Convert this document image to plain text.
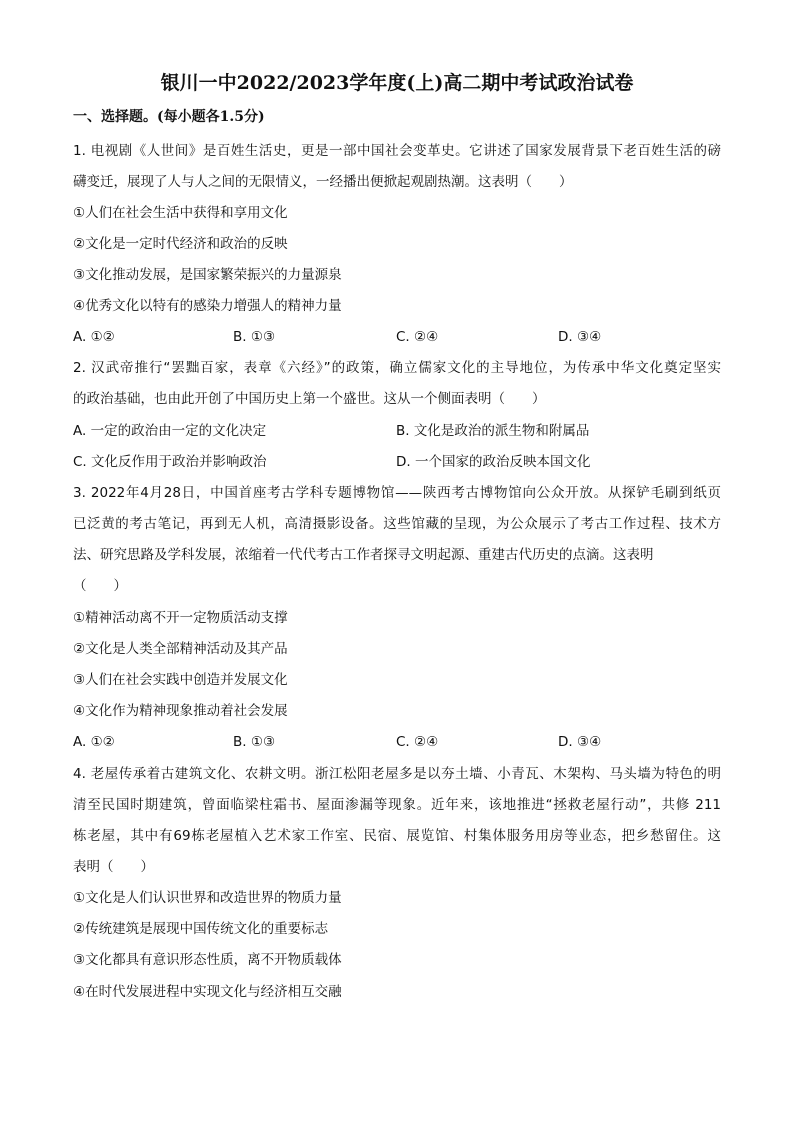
银川一中2022/2023学年度(上)高二期中考试政治试卷
一、选择题。(每小题各1.5分)
1. 电视剧《人世间》是百姓生活史，更是一部中国社会变革史。它讲述了国家发展背景下老百姓生活的磅
礴变迁，展现了人与人之间的无限情义，一经播出便掀起观剧热潮。这表明（　　）
①人们在社会生活中获得和享用文化
②文化是一定时代经济和政治的反映
③文化推动发展，是国家繁荣振兴的力量源泉
④优秀文化以特有的感染力增强人的精神力量
A. ①②	B. ①③	C. ②④	D. ③④
2. 汉武帝推行“罢黜百家，表章《六经》”的政策，确立儒家文化的主导地位，为传承中华文化奠定坚实
的政治基础，也由此开创了中国历史上第一个盛世。这从一个侧面表明（　　）
A. 一定的政治由一定的文化决定	B. 文化是政治的派生物和附属品
C. 文化反作用于政治并影响政治	D. 一个国家的政治反映本国文化
3. 2022年4月28日，中国首座考古学科专题博物馆——陕西考古博物馆向公众开放。从探铲毛刷到纸页
已泛黄的考古笔记，再到无人机，高清摄影设备。这些馆藏的呈现，为公众展示了考古工作过程、技术方
法、研究思路及学科发展，浓缩着一代代考古工作者探寻文明起源、重建古代历史的点滴。这表明
（　　）
①精神活动离不开一定物质活动支撑
②文化是人类全部精神活动及其产品
③人们在社会实践中创造并发展文化
④文化作为精神现象推动着社会发展
A. ①②	B. ①③	C. ②④	D. ③④
4. 老屋传承着古建筑文化、农耕文明。浙江松阳老屋多是以夯土墙、小青瓦、木架构、马头墙为特色的明
清至民国时期建筑，曾面临梁柱霜书、屋面渗漏等现象。近年来，该地推进“拯救老屋行动”，共修 211
栋老屋，其中有69栋老屋植入艺术家工作室、民宿、展览馆、村集体服务用房等业态，把乡愁留住。这
表明（　　）
①文化是人们认识世界和改造世界的物质力量
②传统建筑是展现中国传统文化的重要标志
③文化都具有意识形态性质，离不开物质载体
④在时代发展进程中实现文化与经济相互交融
